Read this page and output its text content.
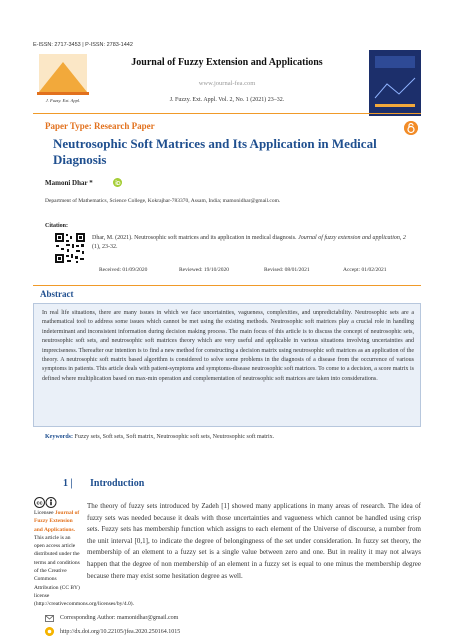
E-ISSN: 2717-3453 | P-ISSN: 2783-1442
J. Fuzzy. Ext. Appl.
Journal of Fuzzy Extension and Applications
www.journal-fea.com
J. Fuzzy. Ext. Appl. Vol. 2, No. 1 (2021) 23–32.
Paper Type: Research Paper
Neutrosophic Soft Matrices and Its Application in Medical Diagnosis
Mamoni Dhar *
Department of Mathematics, Science College, Kokrajhar-783370, Assam, India; mamonidhar@gmail.com.
Citation:
Dhar, M. (2021). Neutrosophic soft matrices and its application in medical diagnosis. Journal of fuzzy extension and application, 2 (1), 23-32.
Received: 01/09/2020	Reviewed: 19/10/2020	Revised: 08/01/2021	Accept: 01/02/2021
Abstract
In real life situations, there are many issues in which we face uncertainties, vagueness, complexities, and unpredictability. Neutrosophic sets are a mathematical tool to address some issues which cannot be met using the existing methods. Neutrosophic soft matrices play a crucial role in handling indeterminant and inconsistent information during decision making process. The main focus of this article is to discuss the concept of neutrosophic sets, neutrosophic soft sets, and neutrosophic soft matrices theory which are very useful and applicable in various situations involving uncertainties and impreciseness. Thereafter our intention is to find a new method for constructing a decision matrix using neutrosophic soft matrices as an application of the theory. A neutrosophic soft matrix based algorithm is considered to solve some problems in the diagnosis of a disease from the occurrence of various symptoms in patients. This article deals with patient-symptoms and symptoms-disease neutrosophic soft matrices. To come to a decision, a score matrix is defined where multiplication based on max-min operation and complementation of neutrosophic soft matrices are taken into considerations.
Keywords: Fuzzy sets, Soft sets, Soft matrix, Neutrosophic soft sets, Neutrosophic soft matrix.
1 | Introduction
cc
Licensee Journal of Fuzzy Extension and Applications. This article is an open access article distributed under the terms and conditions of the Creative Commons Attribution (CC BY) license (http://creativecommons.org/licenses/by/4.0).
The theory of fuzzy sets introduced by Zadeh [1] showed many applications in many areas of research. The idea of fuzzy sets was needed because it deals with those uncertainties and vagueness which cannot be handled using crisp sets. Fuzzy sets has membership function which assigns to each element of the Universe of discourse, a number from the unit interval [0,1], to indicate the degree of belongingness of the set under consideration. In fuzzy set theory, the membership of an element to a fuzzy set is a single value between zero and one. But in reality it may not always happen that the degree of non membership of an element in a fuzzy set is equal to one minus the membership degree because there may exist some hesitation degree as well.
Corresponding Author: mamonidhar@gmail.com
http://dx.doi.org/10.22105/jfea.2020.250164.1015
